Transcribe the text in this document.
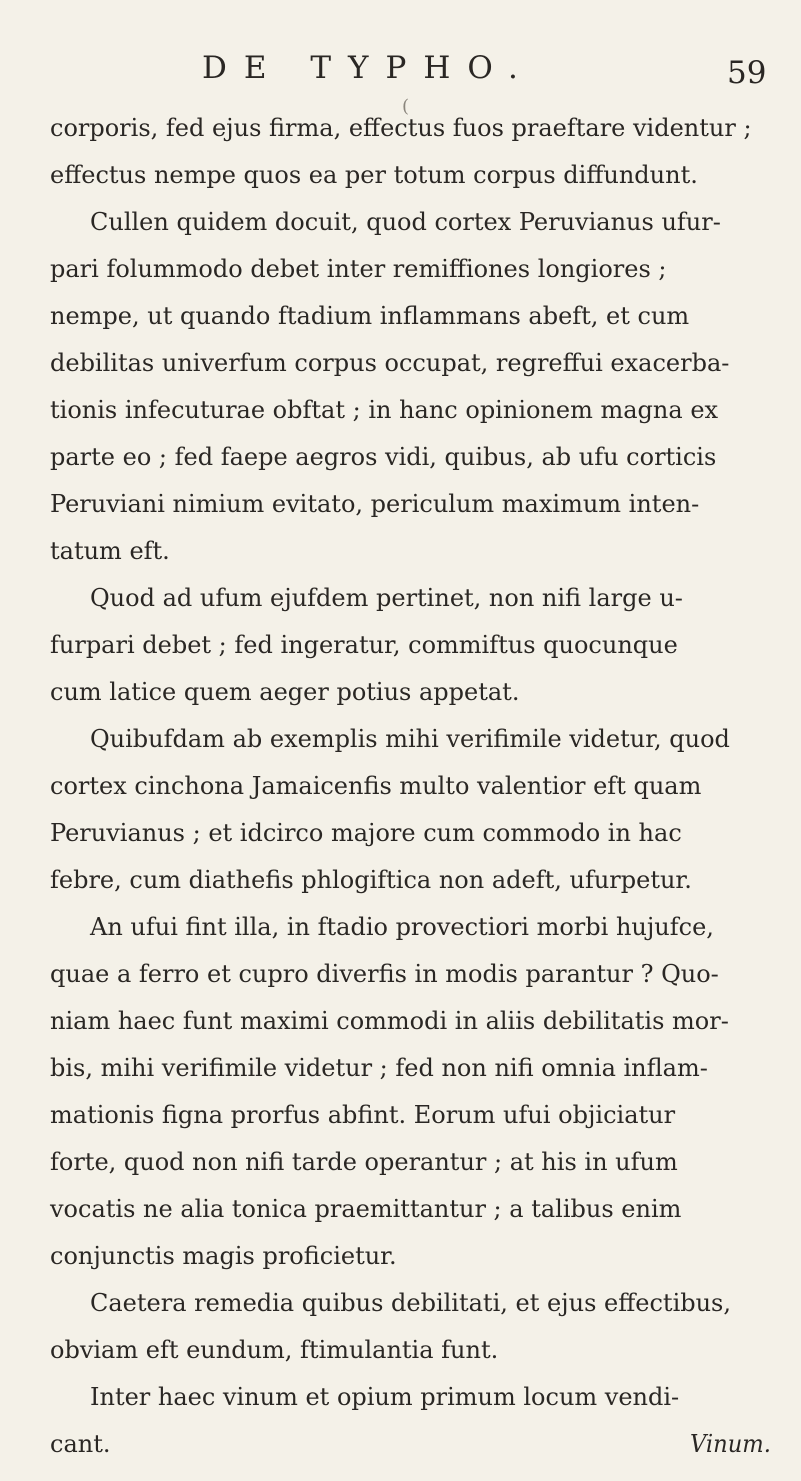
DE TYPHO.	59
(
corporis, fed ejus firma, effectus fuos praeftare videntur ;
effectus nempe quos ea per totum corpus diffundunt.
Cullen quidem docuit, quod cortex Peruvianus ufur-
pari folummodo debet inter remiffiones longiores ;
nempe, ut quando ftadium inflammans abeft, et cum
debilitas univerfum corpus occupat, regreffui exacerba-
tionis infecuturae obftat ; in hanc opinionem magna ex
parte eo ; fed faepe aegros vidi, quibus, ab ufu corticis
Peruviani nimium evitato, periculum maximum inten-
tatum eft.
Quod ad ufum ejufdem pertinet, non nifi large u-
furpari debet ; fed ingeratur, commiftus quocunque
cum latice quem aeger potius appetat.
Quibufdam ab exemplis mihi verifimile videtur, quod
cortex cinchona Jamaicenfis multo valentior eft quam
Peruvianus ; et idcirco majore cum commodo in hac
febre, cum diathefis phlogiftica non adeft, ufurpetur.
An ufui fint illa, in ftadio provectiori morbi hujufce,
quae a ferro et cupro diverfis in modis parantur ? Quo-
niam haec funt maximi commodi in aliis debilitatis mor-
bis, mihi verifimile videtur ; fed non nifi omnia inflam-
mationis figna prorfus abfint. Eorum ufui objiciatur
forte, quod non nifi tarde operantur ; at his in ufum
vocatis ne alia tonica praemittantur ; a talibus enim
conjunctis magis proficietur.
Caetera remedia quibus debilitati, et ejus effectibus,
obviam eft eundum, ftimulantia funt.
Inter haec vinum et opium primum locum vendi-
cant.	Vinum.
